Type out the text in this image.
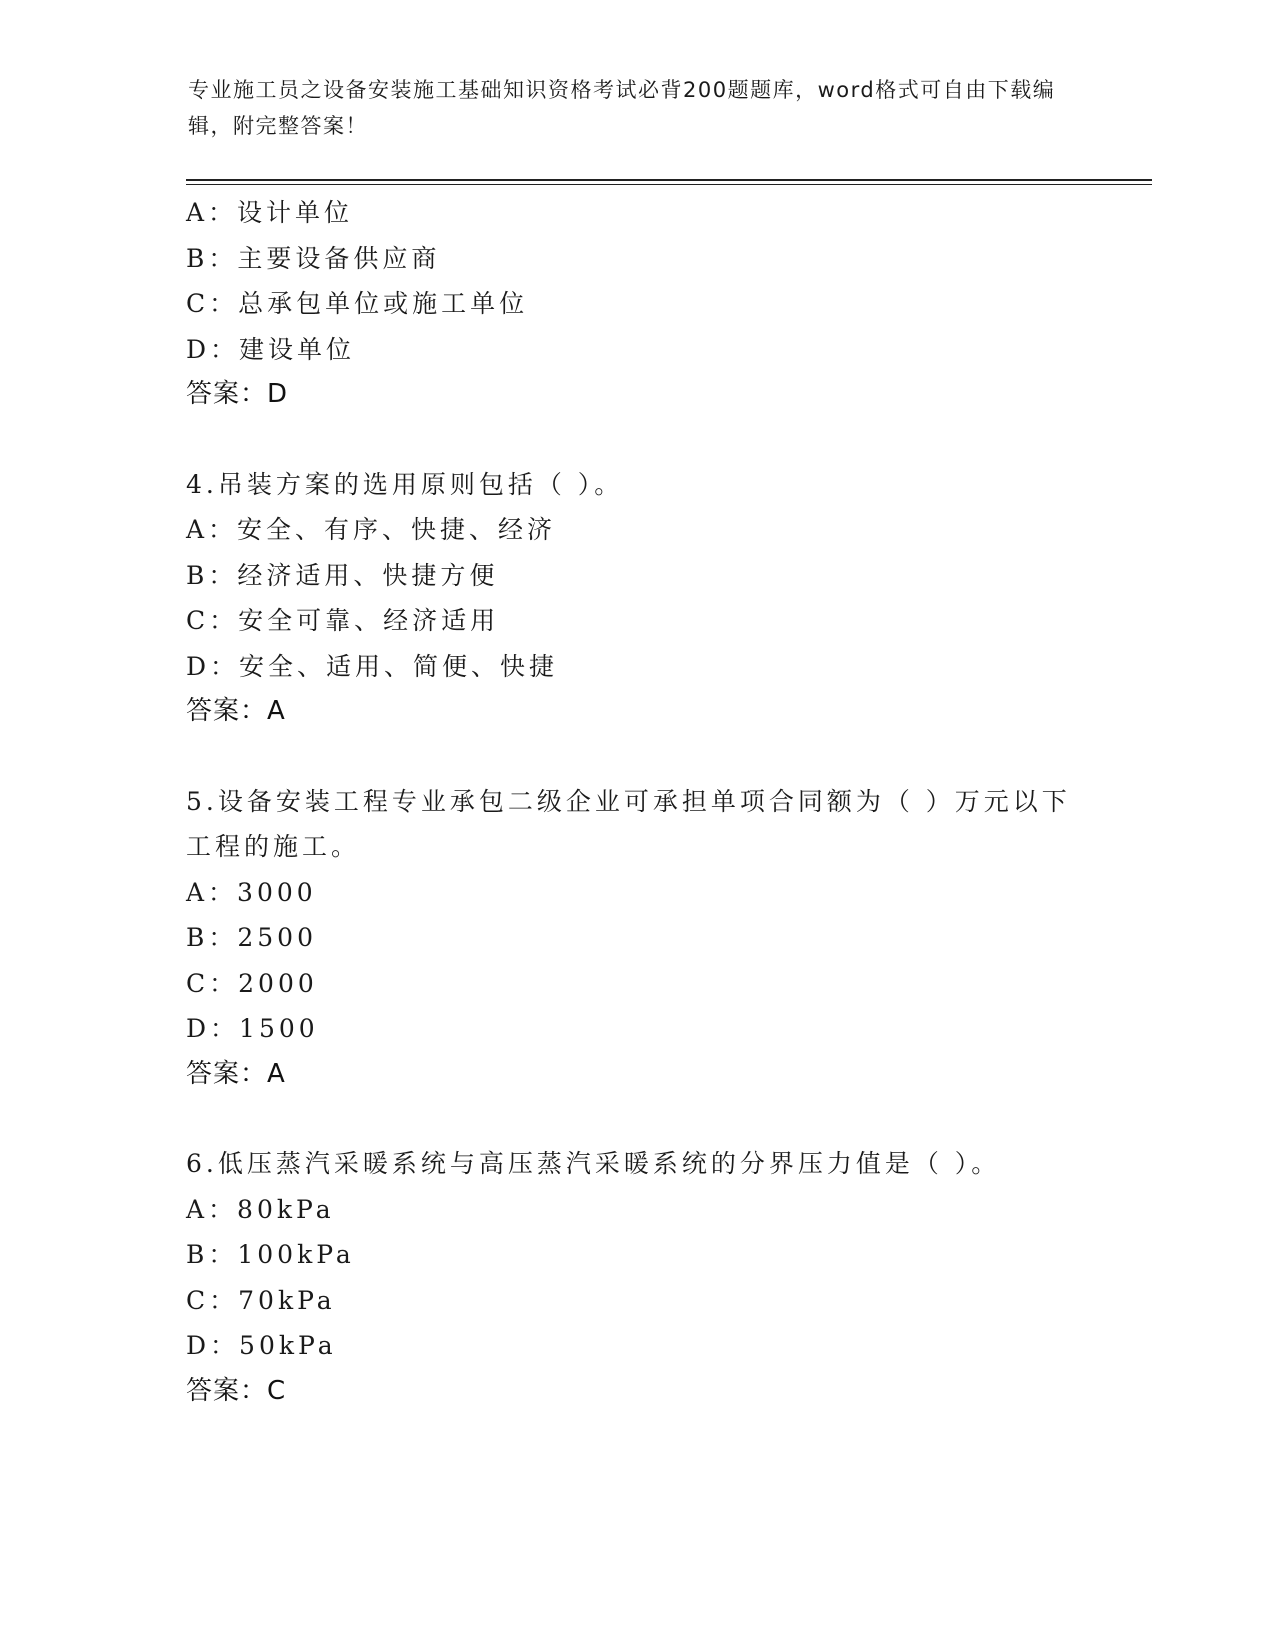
专业施工员之设备安装施工基础知识资格考试必背200题题库，word格式可自由下载编辑，附完整答案！
A：设计单位
B：主要设备供应商
C：总承包单位或施工单位
D：建设单位
答案：D
4.吊装方案的选用原则包括（ ）。
A：安全、有序、快捷、经济
B：经济适用、快捷方便
C：安全可靠、经济适用
D：安全、适用、简便、快捷
答案：A
5.设备安装工程专业承包二级企业可承担单项合同额为（ ）万元以下工程的施工。
A：3000
B：2500
C：2000
D：1500
答案：A
6.低压蒸汽采暖系统与高压蒸汽采暖系统的分界压力值是（ ）。
A：80kPa
B：100kPa
C：70kPa
D：50kPa
答案：C
